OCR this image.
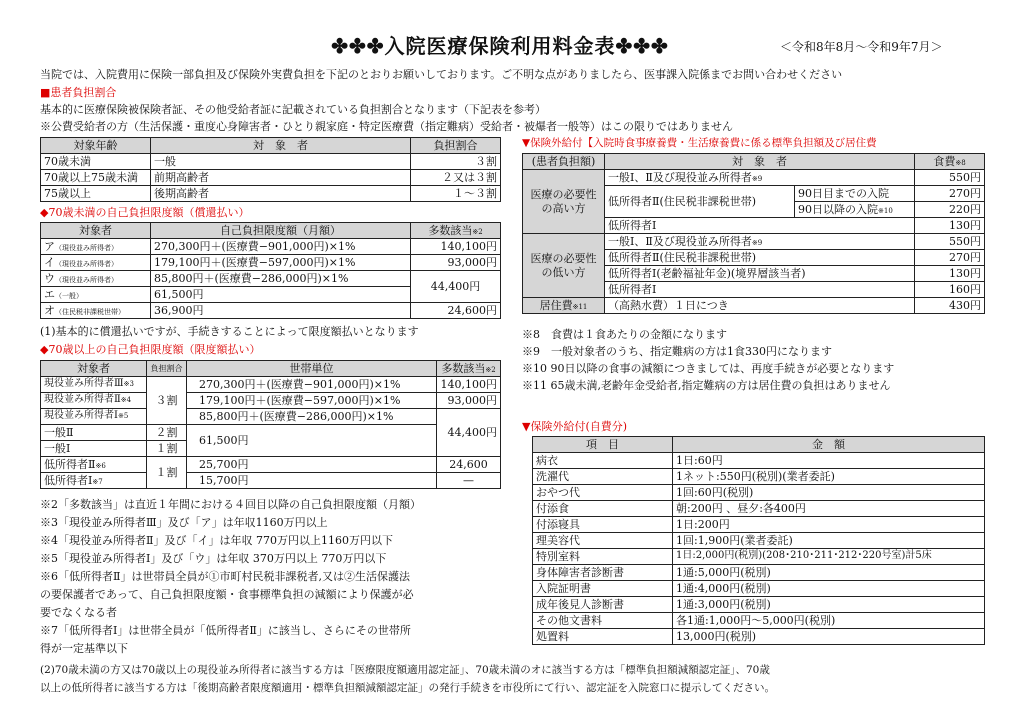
✤✤✤入院医療保険利用料金表✤✤✤	＜令和8年8月～令和9年7月＞
当院では、入院費用に保険一部負担及び保険外実費負担を下記のとおりお願いしております。ご不明な点がありましたら、医事課入院係までお問い合わせください
■患者負担割合
基本的に医療保険被保険者証、その他受給者証に記載されている負担割合となります（下記表を参考）
※公費受給者の方（生活保護・重度心身障害者・ひとり親家庭・特定医療費（指定難病）受給者・被爆者一般等）はこの限りではありません
対象年齢	対　象　者	負担割合
70歳未満	一般	３割
70歳以上75歳未満	前期高齢者	２又は３割
75歳以上	後期高齢者	１～３割
◆70歳未満の自己負担限度額（償還払い）
対象者	自己負担限度額（月額）	多数該当※2
ア（現役並み所得者）	270,300円＋(医療費−901,000円)×1%	140,100円
イ（現役並み所得者）	179,100円＋(医療費−597,000円)×1%	93,000円
ウ（現役並み所得者）	85,800円＋(医療費−286,000円)×1%	44,400円
エ（一般）	61,500円	
オ（住民税非課税世帯）	36,900円	24,600円
(1)基本的に償還払いですが、手続きすることによって限度額払いとなります
◆70歳以上の自己負担限度額（限度額払い）
対象者	負担割合	世帯単位	多数該当※2
現役並み所得者Ⅲ※3	３割	270,300円＋(医療費−901,000円)×1%	140,100円
現役並み所得者Ⅱ※4		179,100円＋(医療費−597,000円)×1%	93,000円
現役並み所得者Ⅰ※5		85,800円＋(医療費−286,000円)×1%	44,400円
一般Ⅱ	２割	61,500円	
一般Ⅰ	１割		
低所得者Ⅱ※6	１割	25,700円	24,600
低所得者Ⅰ※7		15,700円	—
※2「多数該当」は直近１年間における４回目以降の自己負担限度額（月額）
※3「現役並み所得者Ⅲ」及び「ア」は年収1160万円以上
※4「現役並み所得者Ⅱ」及び「イ」は年収 770万円以上1160万円以下
※5「現役並み所得者Ⅰ」及び「ウ」は年収 370万円以上 770万円以下
※6「低所得者Ⅱ」は世帯員全員が①市町村民税非課税者,又は②生活保護法
の要保護者であって、自己負担限度額・食事標準負担の減額により保護が必
要でなくなる者
※7「低所得者Ⅰ」は世帯全員が「低所得者Ⅱ」に該当し、さらにその世帯所
得が一定基準以下
▼保険外給付【入院時食事療養費・生活療養費に係る標準負担額及び居住費
(患者負担額)	対　象　者		食費※8
医療の必要性の高い方	一般Ⅰ、Ⅱ及び現役並み所得者※9		550円
	低所得者Ⅱ(住民税非課税世帯)	90日目までの入院	270円
		90日以降の入院※10	220円
	低所得者Ⅰ		130円
医療の必要性の低い方	一般Ⅰ、Ⅱ及び現役並み所得者※9		550円
	低所得者Ⅱ(住民税非課税世帯)		270円
	低所得者Ⅰ(老齢福祉年金)(境界層該当者)		130円
	低所得者Ⅰ		160円
居住費※11	（高熱水費）１日につき		430円
※8　食費は１食あたりの金額になります
※9　一般対象者のうち、指定難病の方は1食330円になります
※10 90日以降の食事の減額につきましては、再度手続きが必要となります
※11 65歳未満,老齢年金受給者,指定難病の方は居住費の負担はありません
▼保険外給付(自費分)
項　目	金　額
病衣	1日:60円
洗濯代	1ネット:550円(税別)(業者委託)
おやつ代	1回:60円(税別)
付添食	朝:200円 、昼夕:各400円
付添寝具	1日:200円
理美容代	1回:1,900円(業者委託)
特別室料	1日:2,000円(税別)(208･210･211･212･220号室)計5床
身体障害者診断書	1通:5,000円(税別)
入院証明書	1通:4,000円(税別)
成年後見人診断書	1通:3,000円(税別)
その他文書料	各1通:1,000円～5,000円(税別)
処置料	13,000円(税別)
(2)70歳未満の方又は70歳以上の現役並み所得者に該当する方は「医療限度額適用認定証」、70歳未満のオに該当する方は「標準負担額減額認定証」、70歳
以上の低所得者に該当する方は「後期高齢者限度額適用・標準負担額減額認定証」の発行手続きを市役所にて行い、認定証を入院窓口に提示してください。
